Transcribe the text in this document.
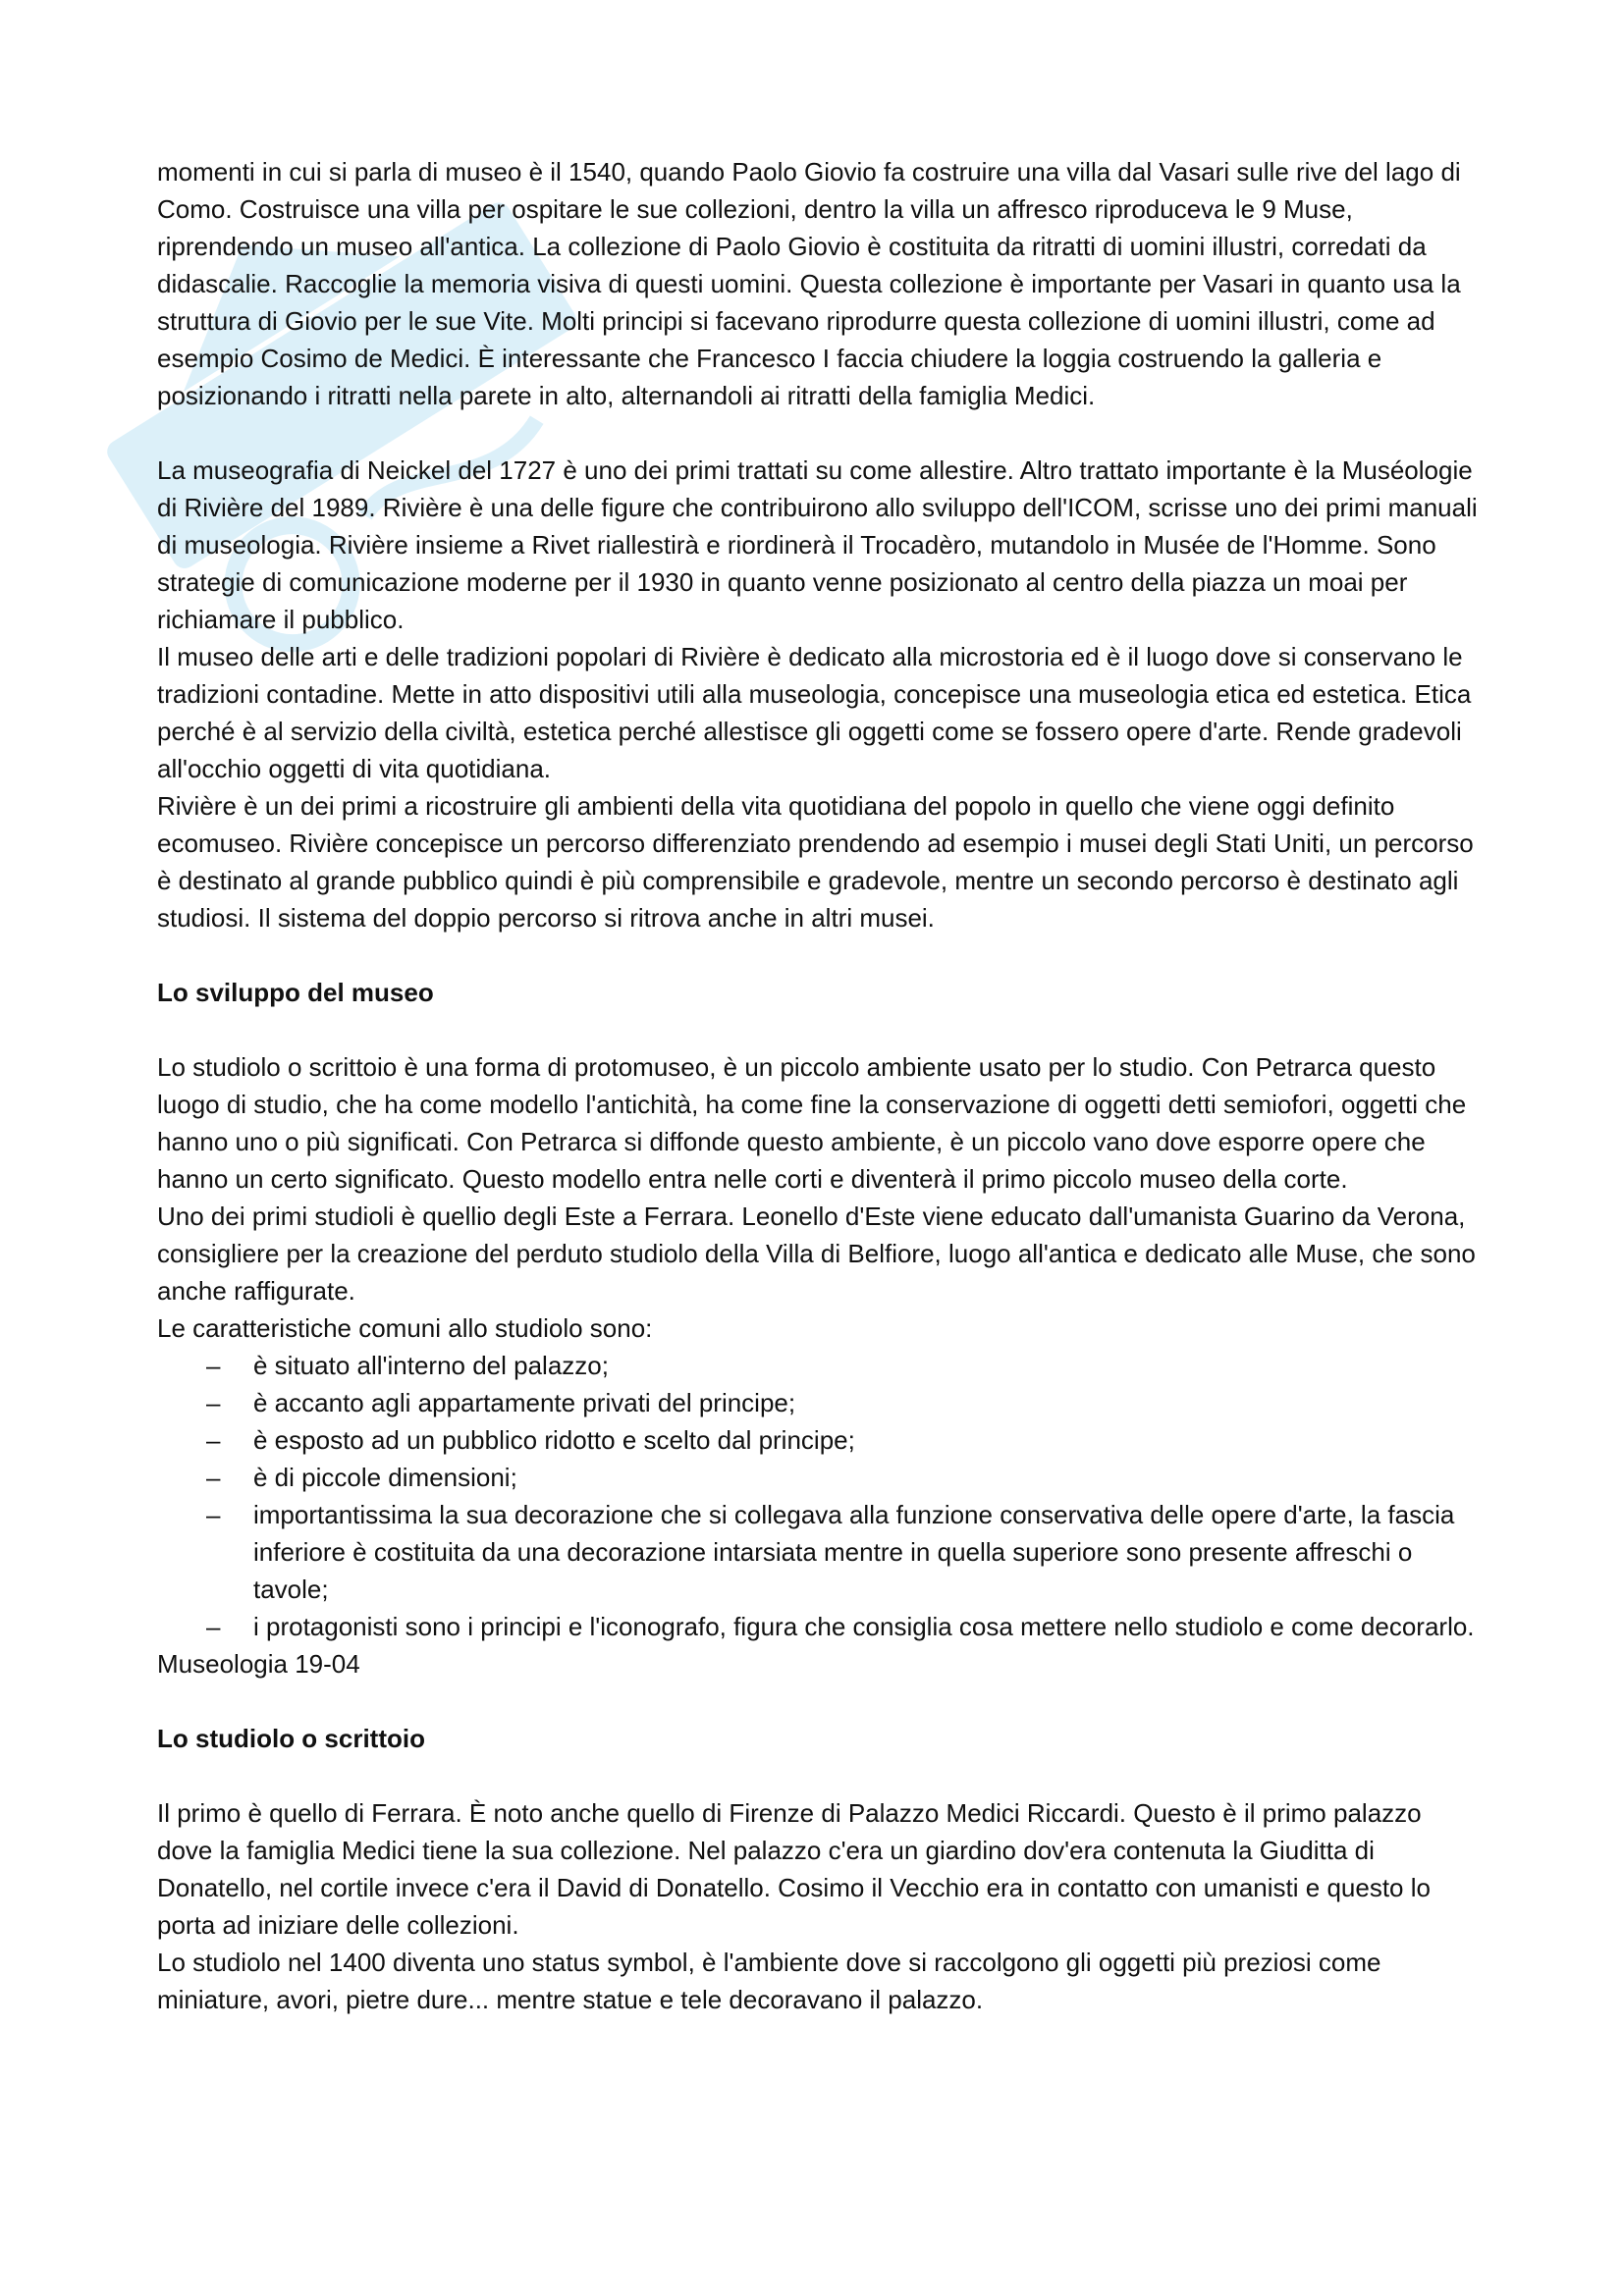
momenti in cui si parla di museo è il 1540, quando Paolo Giovio fa costruire una villa dal Vasari sulle rive del lago di Como. Costruisce una villa per ospitare le sue collezioni, dentro la villa un affresco riproduceva le 9 Muse, riprendendo un museo all'antica. La collezione di Paolo Giovio è costituita da ritratti di uomini illustri, corredati da didascalie. Raccoglie la memoria visiva di questi uomini. Questa collezione è importante per Vasari in quanto usa la struttura di Giovio per le sue Vite. Molti principi si facevano riprodurre questa collezione di uomini illustri, come ad esempio Cosimo de Medici. È interessante che Francesco I faccia chiudere la loggia costruendo la galleria e posizionando i ritratti nella parete in alto, alternandoli ai ritratti della famiglia Medici.

La museografia di Neickel del 1727 è uno dei primi trattati su come allestire. Altro trattato importante è la Muséologie di Rivière del 1989. Rivière è una delle figure che contribuirono allo sviluppo dell'ICOM, scrisse uno dei primi manuali di museologia. Rivière insieme a Rivet riallestirà e riordinerà il Trocadèro, mutandolo in Musée de l'Homme. Sono strategie di comunicazione moderne per il 1930 in quanto venne posizionato al centro della piazza un moai per richiamare il pubblico.

Il museo delle arti e delle tradizioni popolari di Rivière è dedicato alla microstoria ed è il luogo dove si conservano le tradizioni contadine. Mette in atto dispositivi utili alla museologia, concepisce una museologia etica ed estetica. Etica perché è al servizio della civiltà, estetica perché allestisce gli oggetti come se fossero opere d'arte. Rende gradevoli all'occhio oggetti di vita quotidiana.

Rivière è un dei primi a ricostruire gli ambienti della vita quotidiana del popolo in quello che viene oggi definito ecomuseo. Rivière concepisce un percorso differenziato prendendo ad esempio i musei degli Stati Uniti, un percorso è destinato al grande pubblico quindi è più comprensibile e gradevole, mentre un secondo percorso è destinato agli studiosi. Il sistema del doppio percorso si ritrova anche in altri musei.

Lo sviluppo del museo

Lo studiolo o scrittoio è una forma di protomuseo, è un piccolo ambiente usato per lo studio. Con Petrarca questo luogo di studio, che ha come modello l'antichità, ha come fine la conservazione di oggetti detti semiofori, oggetti che hanno uno o più significati. Con Petrarca si diffonde questo ambiente, è un piccolo vano dove esporre opere che hanno un certo significato. Questo modello entra nelle corti e diventerà il primo piccolo museo della corte.

Uno dei primi studioli è quellio degli Este a Ferrara. Leonello d'Este viene educato dall'umanista Guarino da Verona, consigliere per la creazione del perduto studiolo della Villa di Belfiore, luogo all'antica e dedicato alle Muse, che sono anche raffigurate.

Le caratteristiche comuni allo studiolo sono:

– è situato all'interno del palazzo;
– è accanto agli appartamente privati del principe;
– è esposto ad un pubblico ridotto e scelto dal principe;
– è di piccole dimensioni;
– importantissima la sua decorazione che si collegava alla funzione conservativa delle opere d'arte, la fascia inferiore è costituita da una decorazione intarsiata mentre in quella superiore sono presente affreschi o tavole;
– i protagonisti sono i principi e l'iconografo, figura che consiglia cosa mettere nello studiolo e come decorarlo.

Museologia 19-04

Lo studiolo o scrittoio

Il primo è quello di Ferrara. È noto anche quello di Firenze di Palazzo Medici Riccardi. Questo è il primo palazzo dove la famiglia Medici tiene la sua collezione. Nel palazzo c'era un giardino dov'era contenuta la Giuditta di Donatello, nel cortile invece c'era il David di Donatello. Cosimo il Vecchio era in contatto con umanisti e questo lo porta ad iniziare delle collezioni.

Lo studiolo nel 1400 diventa uno status symbol, è l'ambiente dove si raccolgono gli oggetti più preziosi come miniature, avori, pietre dure... mentre statue e tele decoravano il palazzo.
